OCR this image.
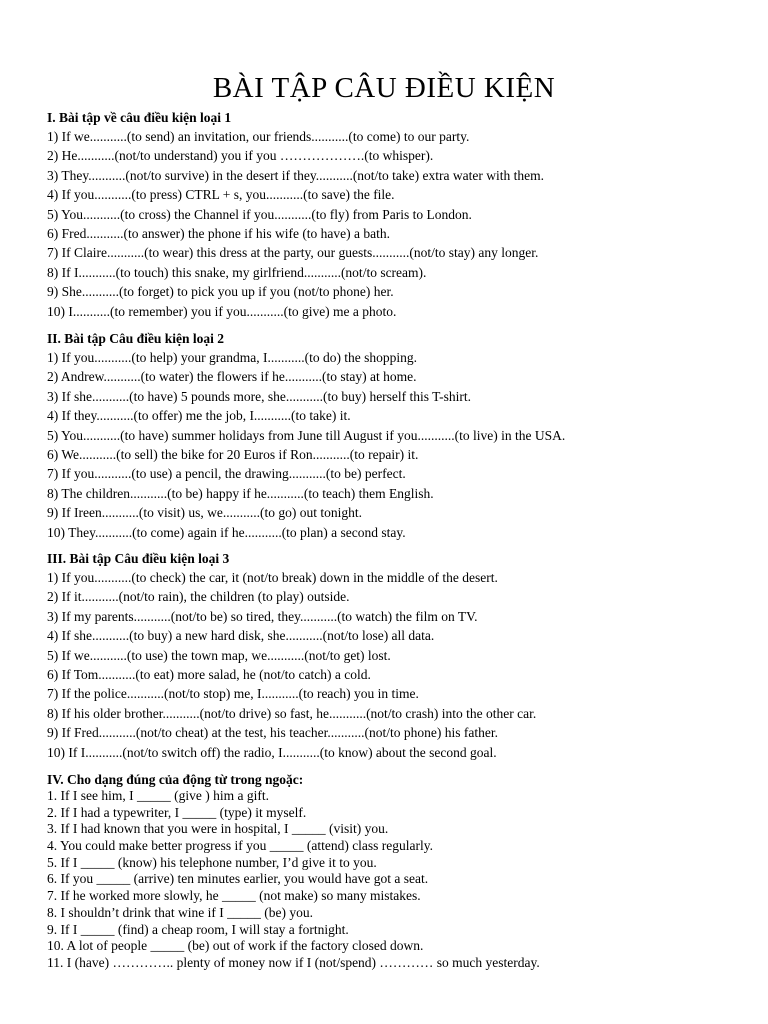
BÀI TẬP CÂU ĐIỀU KIỆN
I. Bài tập về câu điều kiện loại 1
1) If we...........(to send) an invitation, our friends...........(to come) to our party.
2) He...........(not/to understand) you if you ……………….(to whisper).
3) They...........(not/to survive) in the desert if they...........(not/to take) extra water with them.
4) If you...........(to press) CTRL + s, you...........(to save) the file.
5) You...........(to cross) the Channel if you...........(to fly) from Paris to London.
6) Fred...........(to answer) the phone if his wife (to have) a bath.
7) If Claire...........(to wear) this dress at the party, our guests...........(not/to stay) any longer.
8) If I...........(to touch) this snake, my girlfriend...........(not/to scream).
9) She...........(to forget) to pick you up if you (not/to phone) her.
10) I...........(to remember) you if you...........(to give) me a photo.
II. Bài tập Câu điều kiện loại 2
1) If you...........(to help) your grandma, I...........(to do) the shopping.
2) Andrew...........(to water) the flowers if he...........(to stay) at home.
3) If she...........(to have) 5 pounds more, she...........(to buy) herself this T-shirt.
4) If they...........(to offer) me the job, I...........(to take) it.
5) You...........(to have) summer holidays from June till August if you...........(to live) in the USA.
6) We...........(to sell) the bike for 20 Euros if Ron...........(to repair) it.
7) If you...........(to use) a pencil, the drawing...........(to be) perfect.
8) The children...........(to be) happy if he...........(to teach) them English.
9) If Ireen...........(to visit) us, we...........(to go) out tonight.
10) They...........(to come) again if he...........(to plan) a second stay.
III. Bài tập Câu điều kiện loại 3
1) If you...........(to check) the car, it (not/to break) down in the middle of the desert.
2) If it...........(not/to rain), the children (to play) outside.
3) If my parents...........(not/to be) so tired, they...........(to watch) the film on TV.
4) If she...........(to buy) a new hard disk, she...........(not/to lose) all data.
5) If we...........(to use) the town map, we...........(not/to get) lost.
6) If Tom...........(to eat) more salad, he (not/to catch) a cold.
7) If the police...........(not/to stop) me, I...........(to reach) you in time.
8) If his older brother...........(not/to drive) so fast, he...........(not/to crash) into the other car.
9) If Fred...........(not/to cheat) at the test, his teacher...........(not/to phone) his father.
10) If I...........(not/to switch off) the radio, I...........(to know) about the second goal.
IV. Cho dạng đúng của động từ trong ngoặc:
1. If I see him, I _____ (give ) him a gift.
2. If I had a typewriter, I _____ (type) it myself.
3. If I had known that you were in hospital, I _____ (visit) you.
4. You could make better progress if you _____ (attend) class regularly.
5. If I _____ (know) his telephone number, I’d give it to you.
6. If you _____ (arrive) ten minutes earlier, you would have got a seat.
7. If he worked more slowly, he _____ (not make) so many mistakes.
8. I shouldn’t drink that wine if I _____ (be) you.
9. If I _____ (find) a cheap room, I will stay a fortnight.
10. A lot of people _____ (be) out of work if the factory closed down.
11. I (have) ………….. plenty of money now if I (not/spend) ………… so much yesterday.
